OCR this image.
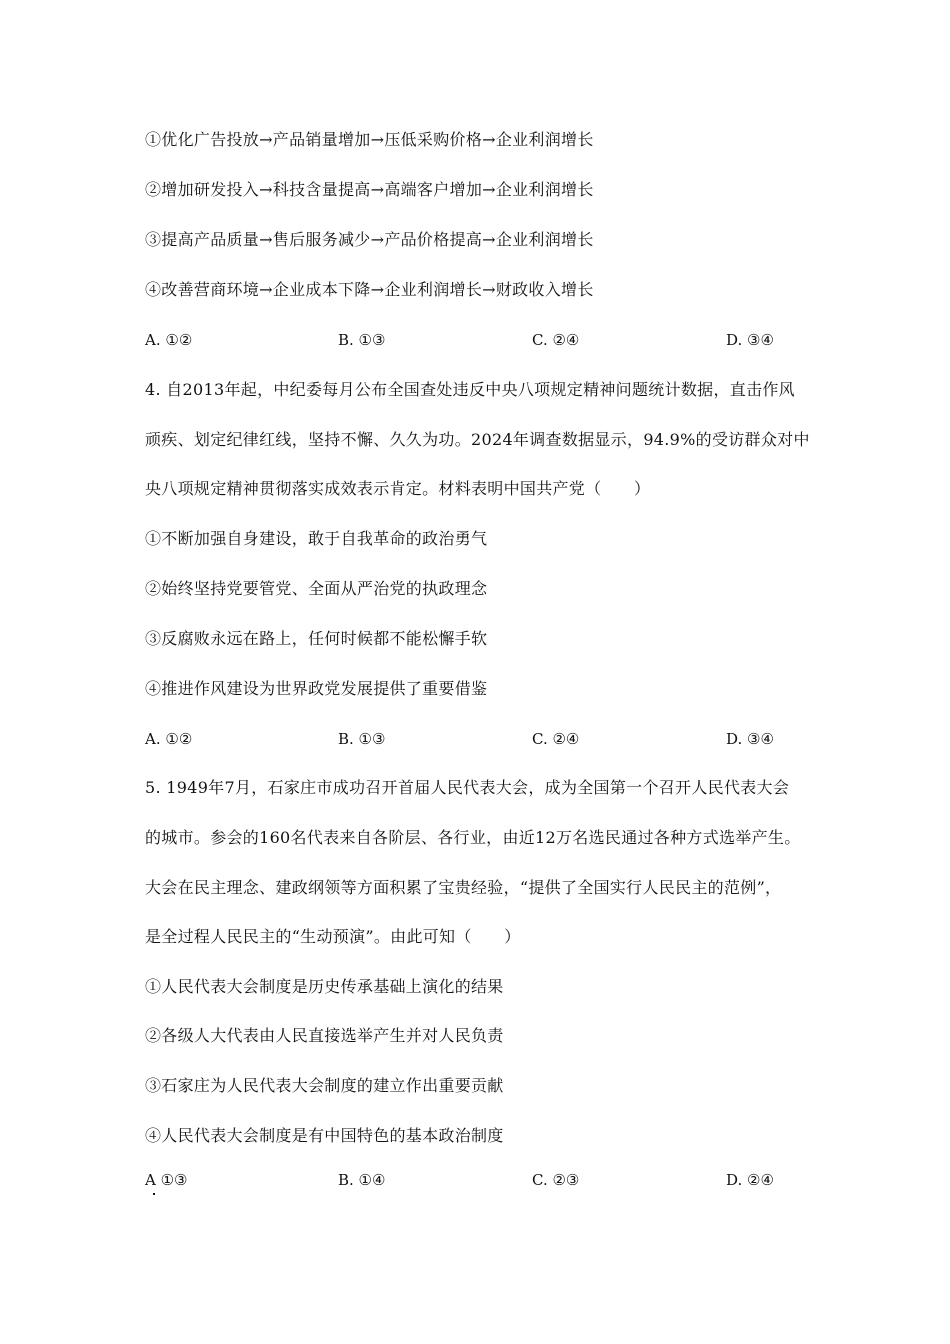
①优化广告投放→产品销量增加→压低采购价格→企业利润增长
②增加研发投入→科技含量提高→高端客户增加→企业利润增长
③提高产品质量→售后服务减少→产品价格提高→企业利润增长
④改善营商环境→企业成本下降→企业利润增长→财政收入增长
A. ①②	B. ①③	C. ②④	D. ③④
4. 自2013年起，中纪委每月公布全国查处违反中央八项规定精神问题统计数据，直击作风
顽疾、划定纪律红线，坚持不懈、久久为功。2024年调查数据显示，94.9%的受访群众对中
央八项规定精神贯彻落实成效表示肯定。材料表明中国共产党（　　）
①不断加强自身建设，敢于自我革命的政治勇气
②始终坚持党要管党、全面从严治党的执政理念
③反腐败永远在路上，任何时候都不能松懈手软
④推进作风建设为世界政党发展提供了重要借鉴
A. ①②	B. ①③	C. ②④	D. ③④
5. 1949年7月，石家庄市成功召开首届人民代表大会，成为全国第一个召开人民代表大会
的城市。参会的160名代表来自各阶层、各行业，由近12万名选民通过各种方式选举产生。
大会在民主理念、建政纲领等方面积累了宝贵经验，“提供了全国实行人民民主的范例”，
是全过程人民民主的“生动预演”。由此可知（　　）
①人民代表大会制度是历史传承基础上演化的结果
②各级人大代表由人民直接选举产生并对人民负责
③石家庄为人民代表大会制度的建立作出重要贡献
④人民代表大会制度是有中国特色的基本政治制度
A ①③	B. ①④	C. ②③	D. ②④
